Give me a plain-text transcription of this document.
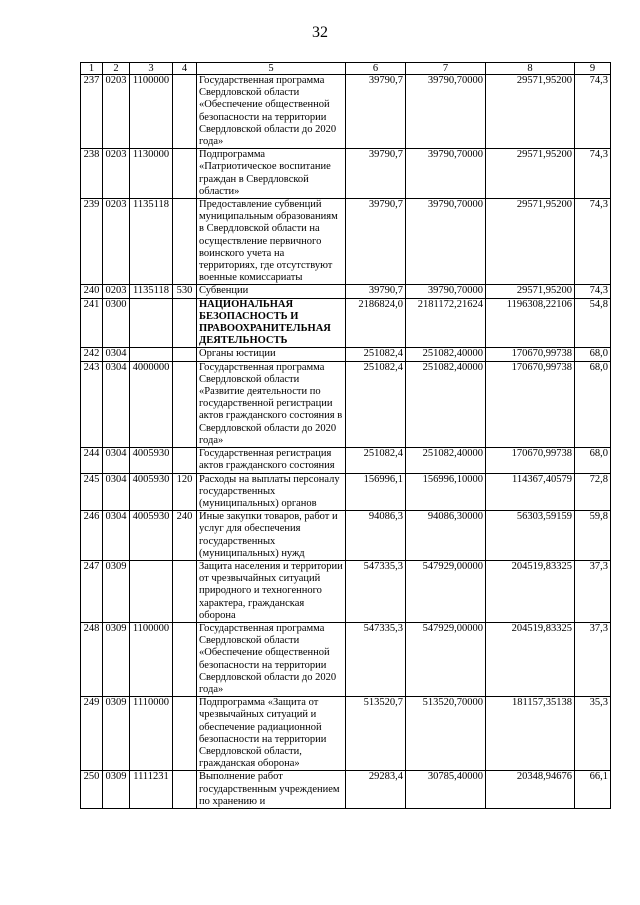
32
1	2	3	4	5	6	7	8	9
237	0203	1100000		Государственная программа Свердловской области «Обеспечение общественной безопасности на территории Свердловской области до 2020 года»	39790,7	39790,70000	29571,95200	74,3
238	0203	1130000		Подпрограмма «Патриотическое воспитание граждан в Свердловской области»	39790,7	39790,70000	29571,95200	74,3
239	0203	1135118		Предоставление субвенций муниципальным образованиям в Свердловской области на осуществление первичного воинского учета на территориях, где отсутствуют военные комиссариаты	39790,7	39790,70000	29571,95200	74,3
240	0203	1135118	530	Субвенции	39790,7	39790,70000	29571,95200	74,3
241	0300			НАЦИОНАЛЬНАЯ БЕЗОПАСНОСТЬ И ПРАВООХРАНИТЕЛЬНАЯ ДЕЯТЕЛЬНОСТЬ	2186824,0	2181172,21624	1196308,22106	54,8
242	0304			Органы юстиции	251082,4	251082,40000	170670,99738	68,0
243	0304	4000000		Государственная программа Свердловской области «Развитие деятельности по государственной регистрации актов гражданского состояния в Свердловской области до 2020 года»	251082,4	251082,40000	170670,99738	68,0
244	0304	4005930		Государственная регистрация актов гражданского состояния	251082,4	251082,40000	170670,99738	68,0
245	0304	4005930	120	Расходы на выплаты персоналу государственных (муниципальных) органов	156996,1	156996,10000	114367,40579	72,8
246	0304	4005930	240	Иные закупки товаров, работ и услуг для обеспечения государственных (муниципальных) нужд	94086,3	94086,30000	56303,59159	59,8
247	0309			Защита населения и территории от чрезвычайных ситуаций природного и техногенного характера, гражданская оборона	547335,3	547929,00000	204519,83325	37,3
248	0309	1100000		Государственная программа Свердловской области «Обеспечение общественной безопасности на территории Свердловской области до 2020 года»	547335,3	547929,00000	204519,83325	37,3
249	0309	1110000		Подпрограмма «Защита от чрезвычайных ситуаций и обеспечение радиационной безопасности на территории Свердловской области, гражданская оборона»	513520,7	513520,70000	181157,35138	35,3
250	0309	1111231		Выполнение работ государственным учреждением по хранению и	29283,4	30785,40000	20348,94676	66,1
